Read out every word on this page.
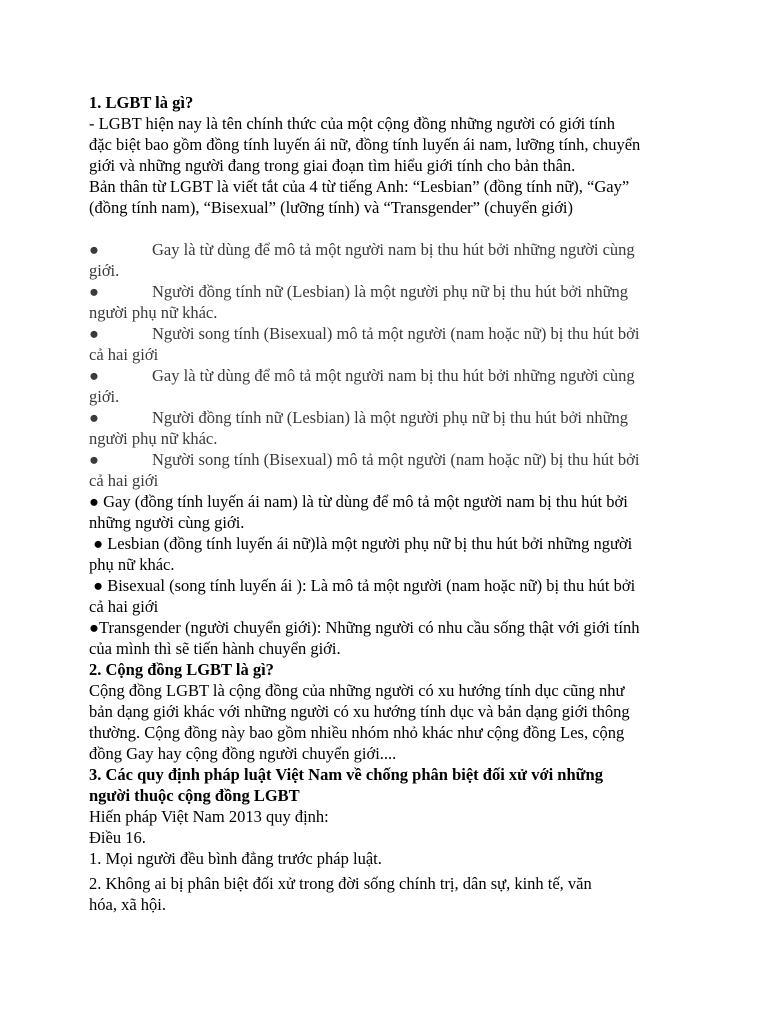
1. LGBT là gì?
- LGBT hiện nay là tên chính thức của một cộng đồng những người có giới tính
đặc biệt bao gồm đồng tính luyến ái nữ, đồng tính luyến ái nam, lưỡng tính, chuyển
giới và những người đang trong giai đoạn tìm hiểu giới tính cho bản thân.
Bản thân từ LGBT là viết tắt của 4 từ tiếng Anh: “Lesbian” (đồng tính nữ), “Gay”
(đồng tính nam), “Bisexual” (lưỡng tính) và “Transgender” (chuyển giới)
●	Gay là từ dùng để mô tả một người nam bị thu hút bởi những người cùng
giới.
●	Người đồng tính nữ (Lesbian) là một người phụ nữ bị thu hút bởi những
người phụ nữ khác.
●	Người song tính (Bisexual) mô tả một người (nam hoặc nữ) bị thu hút bởi
cả hai giới
●	Gay là từ dùng để mô tả một người nam bị thu hút bởi những người cùng
giới.
●	Người đồng tính nữ (Lesbian) là một người phụ nữ bị thu hút bởi những
người phụ nữ khác.
●	Người song tính (Bisexual) mô tả một người (nam hoặc nữ) bị thu hút bởi
cả hai giới
● Gay (đồng tính luyến ái nam) là từ dùng để mô tả một người nam bị thu hút bởi
những người cùng giới.
● Lesbian (đồng tính luyến ái nữ)là một người phụ nữ bị thu hút bởi những người
phụ nữ khác.
● Bisexual (song tính luyến ái ): Là mô tả một người (nam hoặc nữ) bị thu hút bởi
cả hai giới
●Transgender (người chuyển giới): Những người có nhu cầu sống thật với giới tính
của mình thì sẽ tiến hành chuyển giới.
2. Cộng đồng LGBT là gì?
Cộng đồng LGBT là cộng đồng của những người có xu hướng tính dục cũng như
bản dạng giới khác với những người có xu hướng tính dục và bản dạng giới thông
thường. Cộng đồng này bao gồm nhiều nhóm nhỏ khác như cộng đồng Les, cộng
đồng Gay hay cộng đồng người chuyển giới....
3. Các quy định pháp luật Việt Nam về chống phân biệt đối xử với những
người thuộc cộng đồng LGBT
Hiến pháp Việt Nam 2013 quy định:
Điều 16.
1. Mọi người đều bình đẳng trước pháp luật.
2. Không ai bị phân biệt đối xử trong đời sống chính trị, dân sự, kinh tế, văn
hóa, xã hội.
